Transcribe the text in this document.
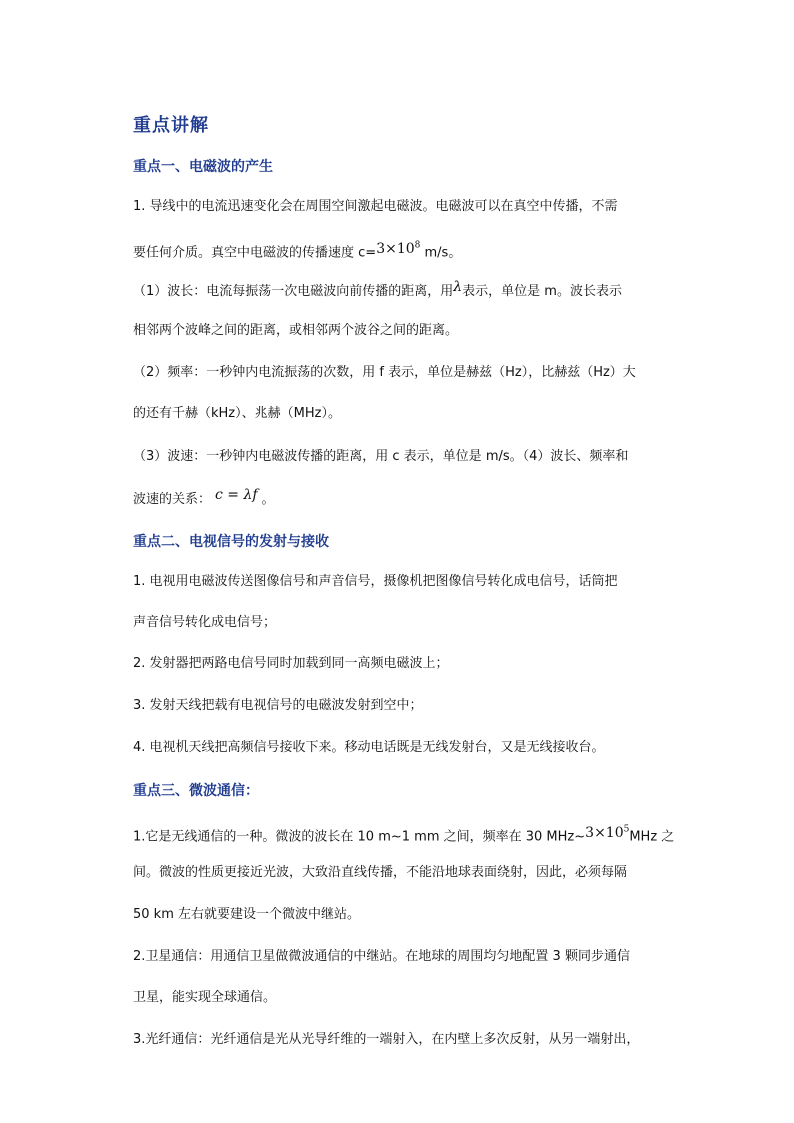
重点讲解
重点一、电磁波的产生
1. 导线中的电流迅速变化会在周围空间激起电磁波。电磁波可以在真空中传播，不需
要任何介质。真空中电磁波的传播速度 $c=3\times 10^8$ m/s。
（1）波长：电流每振荡一次电磁波向前传播的距离，用λ表示，单位是 m。波长表示
相邻两个波峰之间的距离，或相邻两个波谷之间的距离。
（2）频率：一秒钟内电流振荡的次数，用 f 表示，单位是赫兹（Hz），比赫兹（Hz）大
的还有千赫（kHz）、兆赫（MHz）。
（3）波速：一秒钟内电磁波传播的距离，用 c 表示，单位是 m/s。（4）波长、频率和
波速的关系： c = λf 。
重点二、电视信号的发射与接收
1. 电视用电磁波传送图像信号和声音信号，摄像机把图像信号转化成电信号，话筒把
声音信号转化成电信号；
2. 发射器把两路电信号同时加载到同一高频电磁波上；
3. 发射天线把载有电视信号的电磁波发射到空中；
4. 电视机天线把高频信号接收下来。移动电话既是无线发射台，又是无线接收台。
重点三、微波通信：
1.它是无线通信的一种。微波的波长在 10 m~1 mm 之间，频率在 30 $MHz\sim 3\times 10^5MHz$ 之
间。微波的性质更接近光波，大致沿直线传播，不能沿地球表面绕射，因此，必须每隔
50 km 左右就要建设一个微波中继站。
2.卫星通信：用通信卫星做微波通信的中继站。在地球的周围均匀地配置 3 颗同步通信
卫星，能实现全球通信。
3.光纤通信：光纤通信是光从光导纤维的一端射入，在内壁上多次反射，从另一端射出，
